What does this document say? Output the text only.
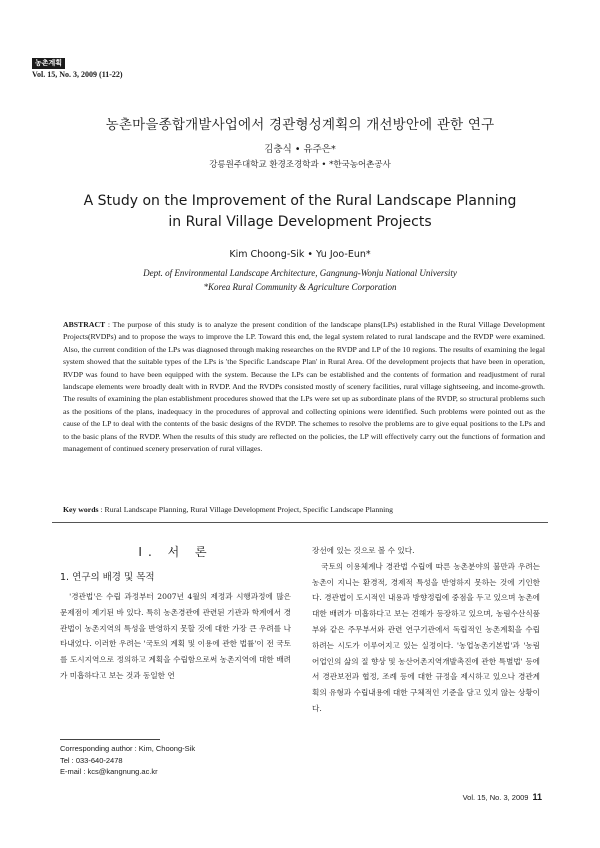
농촌계획
Vol. 15, No. 3, 2009 (11-22)
농촌마을종합개발사업에서 경관형성계획의 개선방안에 관한 연구
김충식 • 유주은*
강릉원주대학교 환경조경학과 • *한국농어촌공사
A Study on the Improvement of the Rural Landscape Planning
in Rural Village Development Projects
Kim Choong-Sik • Yu Joo-Eun*
Dept. of Environmental Landscape Architecture, Gangnung-Wonju National University
*Korea Rural Community & Agriculture Corporation
ABSTRACT : The purpose of this study is to analyze the present condition of the landscape plans(LPs) established in the Rural Village Development Projects(RVDPs) and to propose the ways to improve the LP. Toward this end, the legal system related to rural landscape and the RVDP were examined. Also, the current condition of the LPs was diagnosed through making researches on the RVDP and LP of the 10 regions. The results of examining the legal system showed that the suitable types of the LPs is 'the Specific Landscape Plan' in Rural Area. Of the development projects that have been in operation, RVDP was found to have been equipped with the system. Because the LPs can be established and the contents of formation and readjustment of rural landscape elements were broadly dealt with in RVDP. And the RVDPs consisted mostly of scenery facilities, rural village sightseeing, and income-growth. The results of examining the plan establishment procedures showed that the LPs were set up as subordinate plans of the RVDP, so structural problems such as the positions of the plans, inadequacy in the procedures of approval and collecting opinions were identified. Such problems were pointed out as the cause of the LP to deal with the contents of the basic designs of the RVDP. The schemes to resolve the problems are to give equal positions to the LPs and to the basic plans of the RVDP. When the results of this study are reflected on the policies, the LP will effectively carry out the functions of formation and management of continued scenery preservation of rural villages.
Key words : Rural Landscape Planning, Rural Village Development Project, Specific Landscape Planning
I. 서 론
1. 연구의 배경 및 목적

'경관법'은 수립 과정부터 2007년 4월의 제정과 시행과정에 많은 문제점이 제기된 바 있다. 특히 농촌경관에 관련된 기관과 학계에서 경관법이 농촌지역의 특성을 반영하지 못할 것에 대한 가장 큰 우려를 나타내었다. 이러한 우려는 '국토의 계획 및 이용에 관한 법률'이 전 국토를 도시지역으로 정의하고 계획을 수립함으로써 농촌지역에 대한 배려가 미흡하다고 보는 것과 동일한 연

장선에 있는 것으로 볼 수 있다.

국토의 이용체계나 경관법 수립에 따른 농촌분야의 불만과 우려는 농촌이 지니는 환경적, 경제적 특성을 반영하지 못하는 것에 기인한다. 경관법이 도시적인 내용과 방향정립에 중점을 두고 있으며 농촌에 대한 배려가 미흡하다고 보는 견해가 등장하고 있으며, 농림수산식품부와 같은 주무부서와 관련 연구기관에서 독립적인 농촌계획을 수립하려는 시도가 이루어지고 있는 실정이다. '농업농촌기본법'과 '농림어업인의 삶의 질 향상 및 농산어촌지역개발촉진에 관한 특별법' 등에서 경관보전과 협정, 조례 등에 대한 규정을 제시하고 있으나 경관계획의 유형과 수립내용에 대한 구체적인 기준을 담고 있지 않는 상황이다.

Corresponding author : Kim, Choong-Sik
Tel : 033-640-2478
E-mail : kcs@kangnung.ac.kr
Vol. 15, No. 3, 2009 11
